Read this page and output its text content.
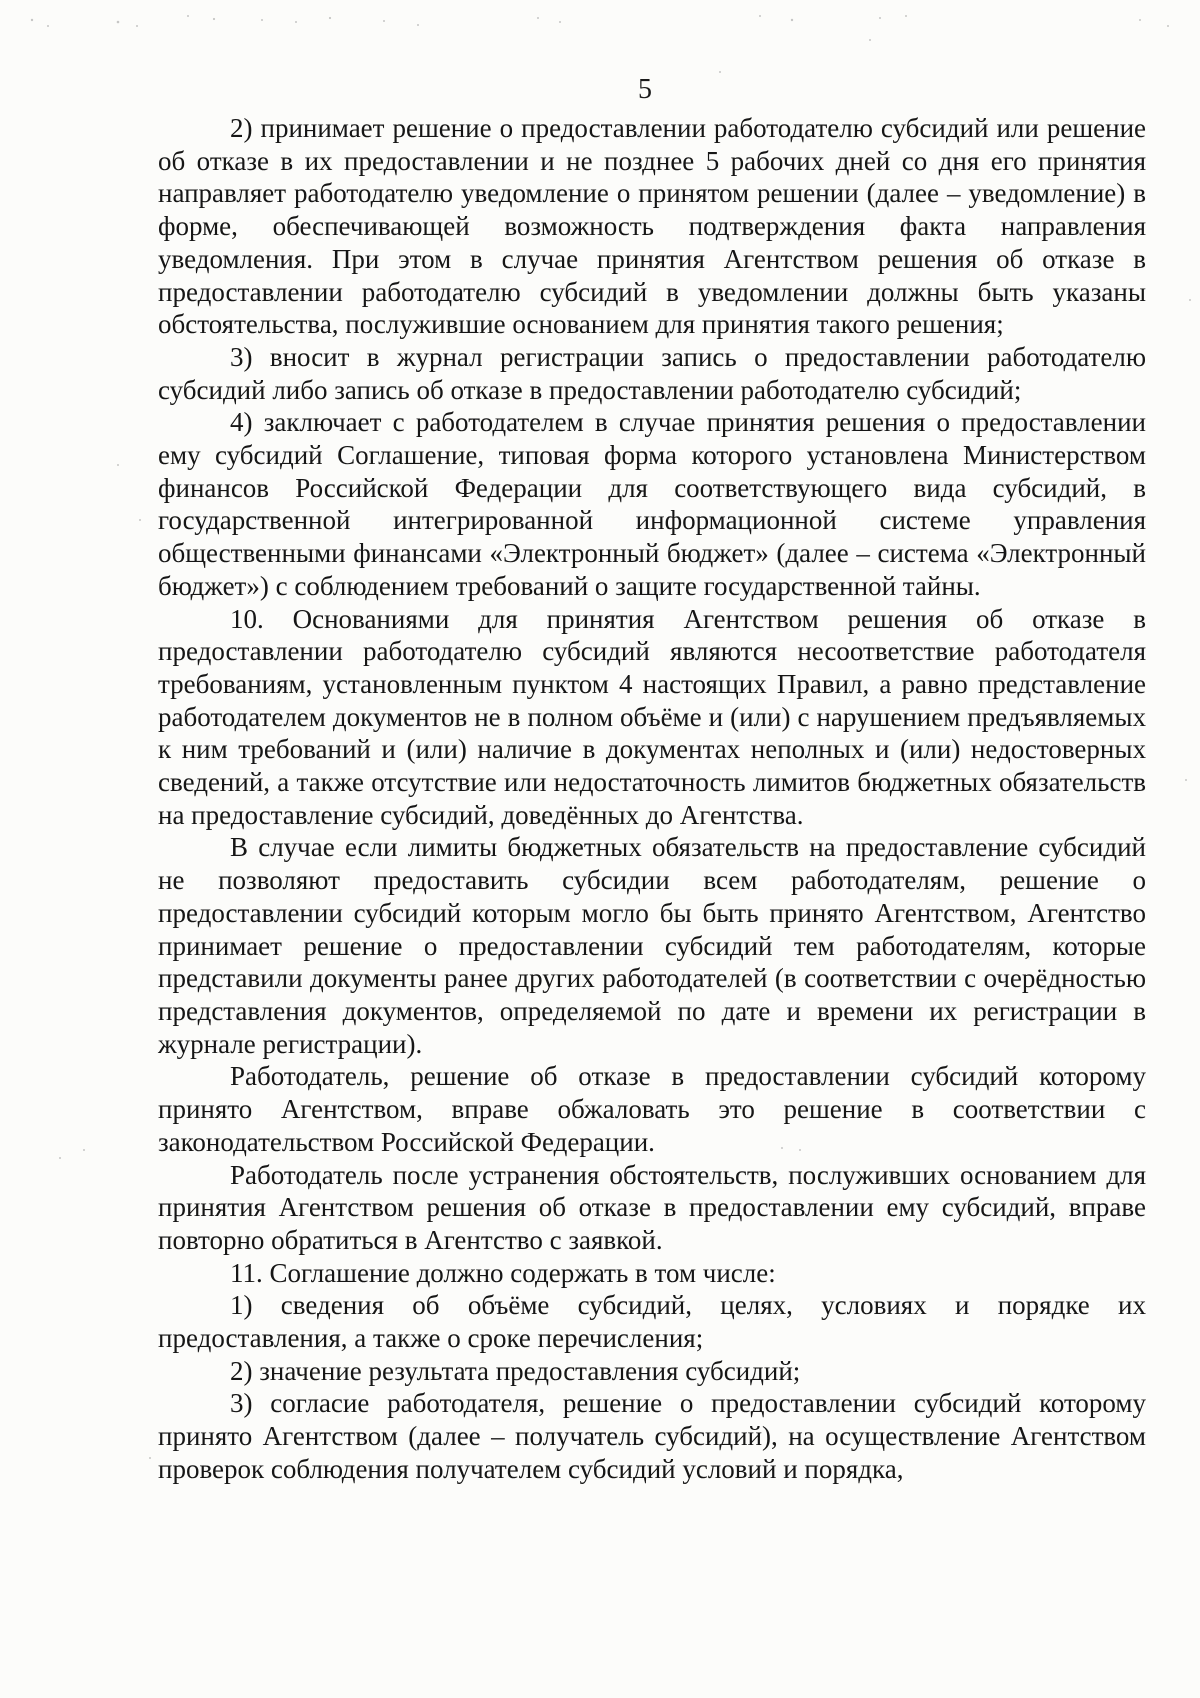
5

2) принимает решение о предоставлении работодателю субсидий или решение об отказе в их предоставлении и не позднее 5 рабочих дней со дня его принятия направляет работодателю уведомление о принятом решении (далее – уведомление) в форме, обеспечивающей возможность подтверждения факта направления уведомления. При этом в случае принятия Агентством решения об отказе в предоставлении работодателю субсидий в уведомлении должны быть указаны обстоятельства, послужившие основанием для принятия такого решения;

3) вносит в журнал регистрации запись о предоставлении работодателю субсидий либо запись об отказе в предоставлении работодателю субсидий;

4) заключает с работодателем в случае принятия решения о предоставлении ему субсидий Соглашение, типовая форма которого установлена Министерством финансов Российской Федерации для соответствующего вида субсидий, в государственной интегрированной информационной системе управления общественными финансами «Электронный бюджет» (далее – система «Электронный бюджет») с соблюдением требований о защите государственной тайны.

10. Основаниями для принятия Агентством решения об отказе в предоставлении работодателю субсидий являются несоответствие работодателя требованиям, установленным пунктом 4 настоящих Правил, а равно представление работодателем документов не в полном объёме и (или) с нарушением предъявляемых к ним требований и (или) наличие в документах неполных и (или) недостоверных сведений, а также отсутствие или недостаточность лимитов бюджетных обязательств на предоставление субсидий, доведённых до Агентства.

В случае если лимиты бюджетных обязательств на предоставление субсидий не позволяют предоставить субсидии всем работодателям, решение о предоставлении субсидий которым могло бы быть принято Агентством, Агентство принимает решение о предоставлении субсидий тем работодателям, которые представили документы ранее других работодателей (в соответствии с очерёдностью представления документов, определяемой по дате и времени их регистрации в журнале регистрации).

Работодатель, решение об отказе в предоставлении субсидий которому принято Агентством, вправе обжаловать это решение в соответствии с законодательством Российской Федерации.

Работодатель после устранения обстоятельств, послуживших основанием для принятия Агентством решения об отказе в предоставлении ему субсидий, вправе повторно обратиться в Агентство с заявкой.

11. Соглашение должно содержать в том числе:

1) сведения об объёме субсидий, целях, условиях и порядке их предоставления, а также о сроке перечисления;

2) значение результата предоставления субсидий;

3) согласие работодателя, решение о предоставлении субсидий которому принято Агентством (далее – получатель субсидий), на осуществление Агентством проверок соблюдения получателем субсидий условий и порядка,
